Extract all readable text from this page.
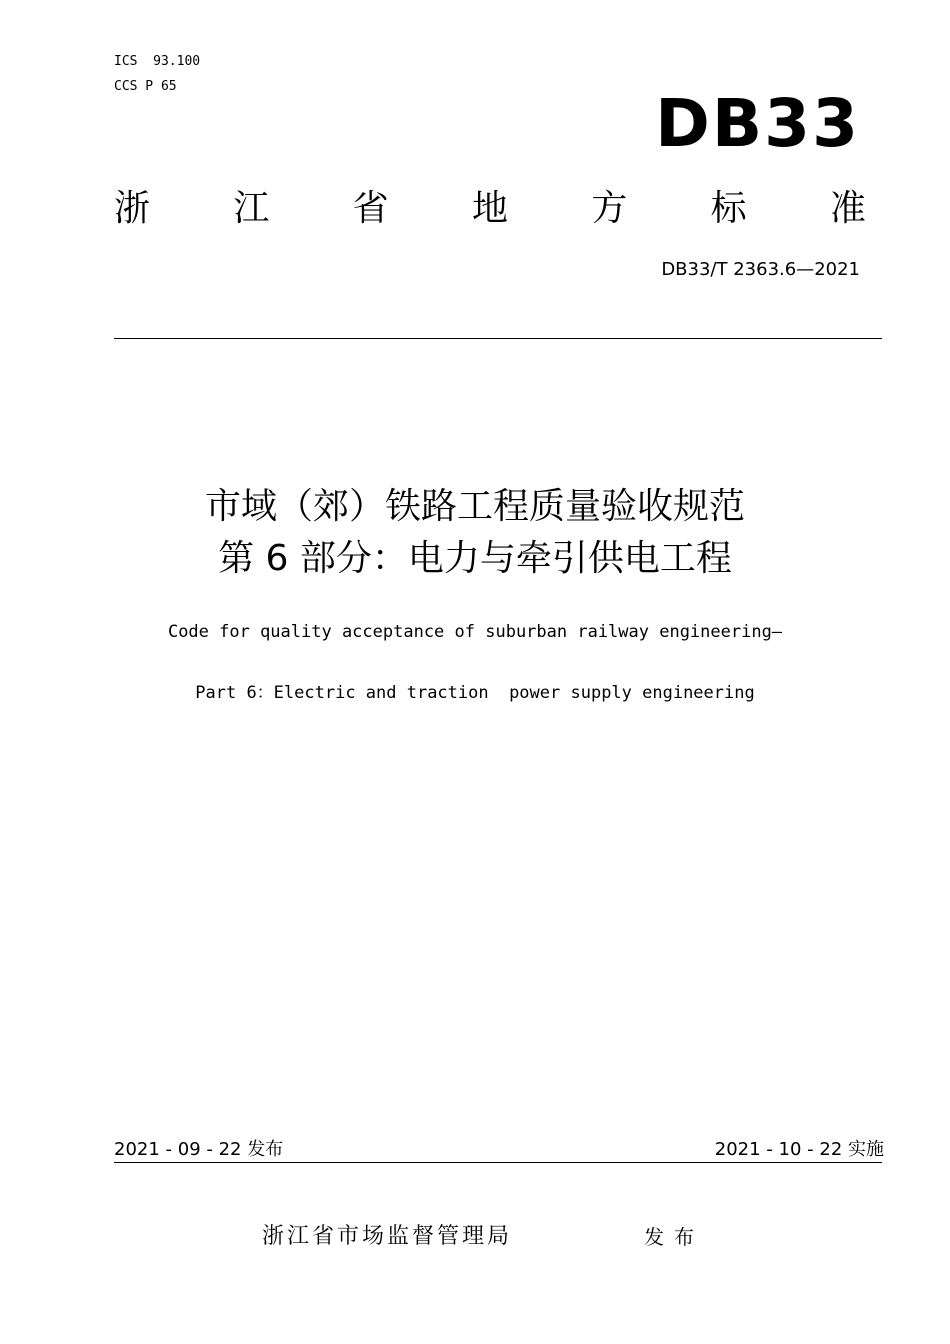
ICS  93.100
CCS P 65	DB33
浙 江 省 地 方 标 准
DB33/T 2363.6—2021
市域（郊）铁路工程质量验收规范
第 6 部分：电力与牵引供电工程
Code for quality acceptance of suburban railway engineering—
Part 6：Electric and traction  power supply engineering
2021 - 09 - 22 发布	2021 - 10 - 22 实施
浙江省市场监督管理局	发布
